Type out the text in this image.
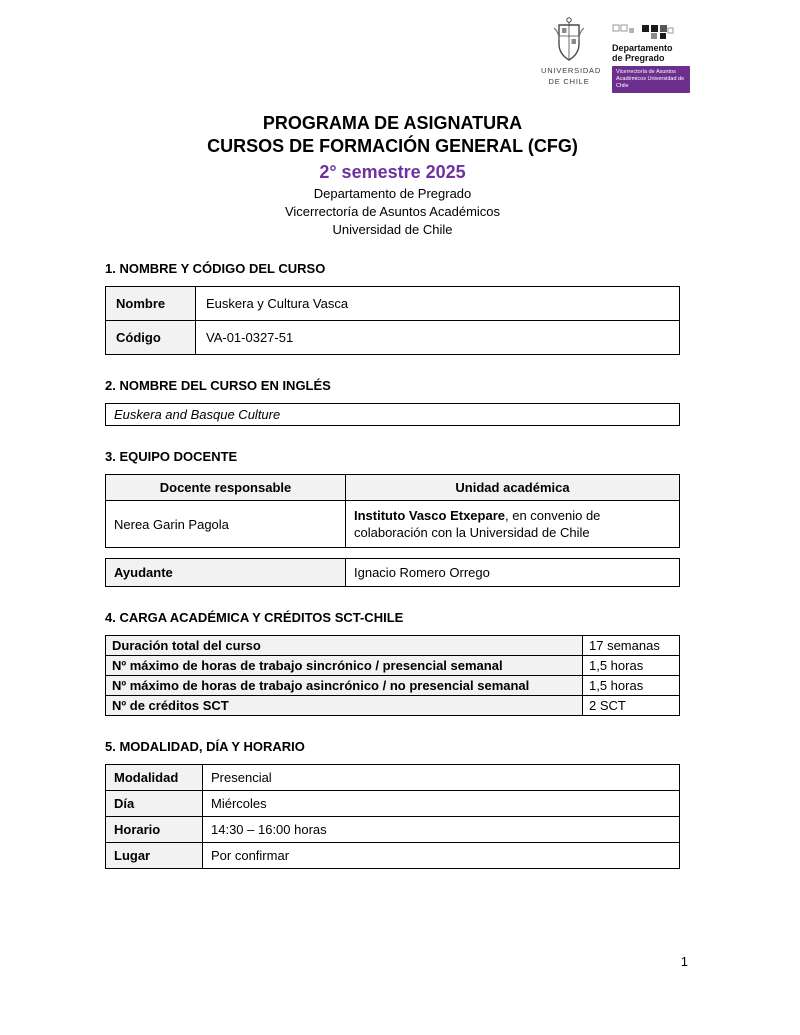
UNIVERSIDAD
DE CHILE
Departamento
de Pregrado
Vicerrectoría de Asuntos Académicos Universidad de Chile
PROGRAMA DE ASIGNATURA
CURSOS DE FORMACIÓN GENERAL (CFG)
2° semestre 2025
Departamento de Pregrado
Vicerrectoría de Asuntos Académicos
Universidad de Chile
1. NOMBRE Y CÓDIGO DEL CURSO
Nombre	Euskera y Cultura Vasca
Código	VA-01-0327-51
2. NOMBRE DEL CURSO EN INGLÉS
Euskera and Basque Culture
3. EQUIPO DOCENTE
Docente responsable	Unidad académica
Nerea Garin Pagola	Instituto Vasco Etxepare, en convenio de colaboración con la Universidad de Chile
Ayudante	Ignacio Romero Orrego
4. CARGA ACADÉMICA Y CRÉDITOS SCT-CHILE
Duración total del curso	17 semanas
Nº máximo de horas de trabajo sincrónico / presencial semanal	1,5 horas
Nº máximo de horas de trabajo asincrónico / no presencial semanal	1,5 horas
Nº de créditos SCT	2 SCT
5. MODALIDAD, DÍA Y HORARIO
Modalidad	Presencial
Día	Miércoles
Horario	14:30 – 16:00 horas
Lugar	Por confirmar
1
